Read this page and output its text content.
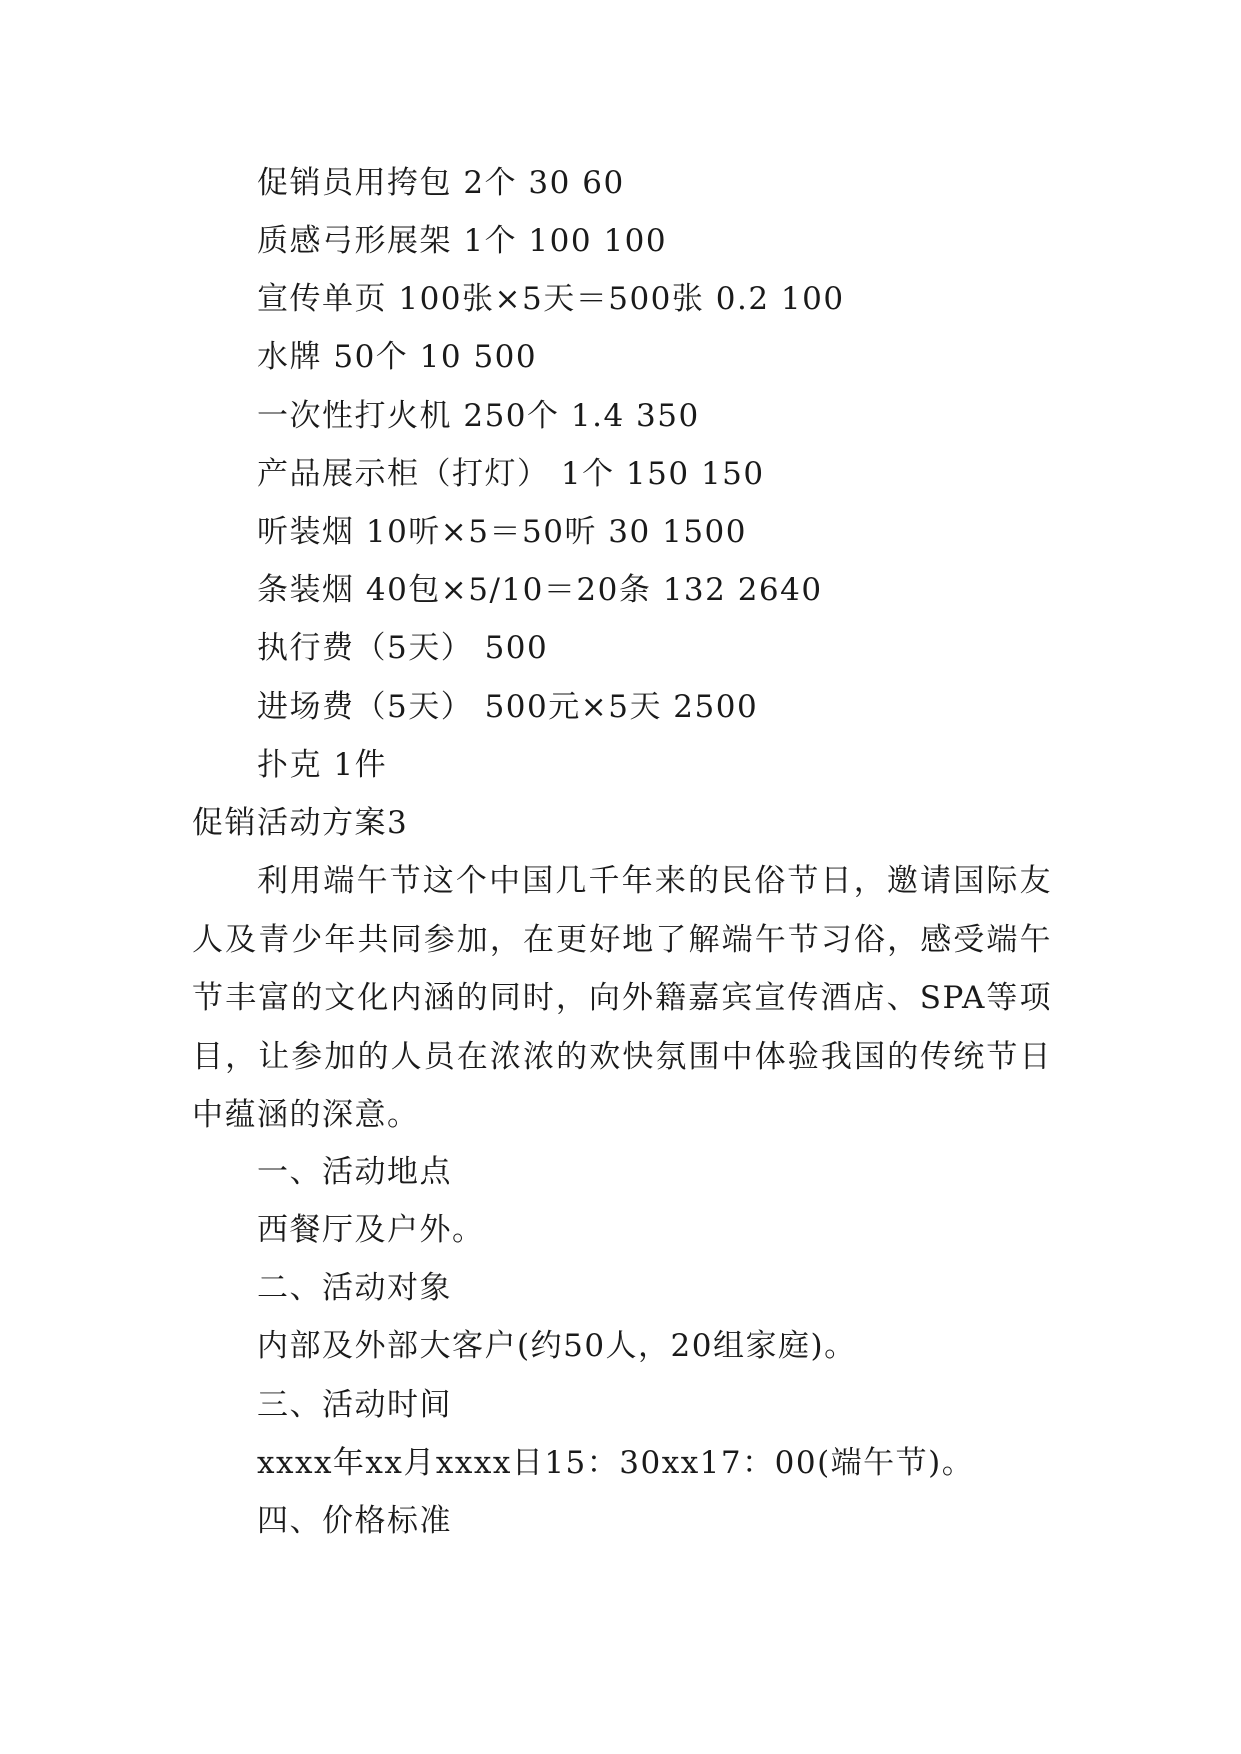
促销员用挎包 2个 30 60
质感弓形展架 1个 100 100
宣传单页 100张×5天＝500张 0.2 100
水牌 50个 10 500
一次性打火机 250个 1.4 350
产品展示柜（打灯） 1个 150 150
听装烟 10听×5＝50听 30 1500
条装烟 40包×5/10＝20条 132 2640
执行费（5天） 500
进场费（5天） 500元×5天 2500
扑克 1件
促销活动方案3
利用端午节这个中国几千年来的民俗节日，邀请国际友人及青少年共同参加，在更好地了解端午节习俗，感受端午节丰富的文化内涵的同时，向外籍嘉宾宣传酒店、SPA等项目，让参加的人员在浓浓的欢快氛围中体验我国的传统节日中蕴涵的深意。
一、活动地点
西餐厅及户外。
二、活动对象
内部及外部大客户(约50人，20组家庭)。
三、活动时间
xxxx年xx月xxxx日15：30xx17：00(端午节)。
四、价格标准
